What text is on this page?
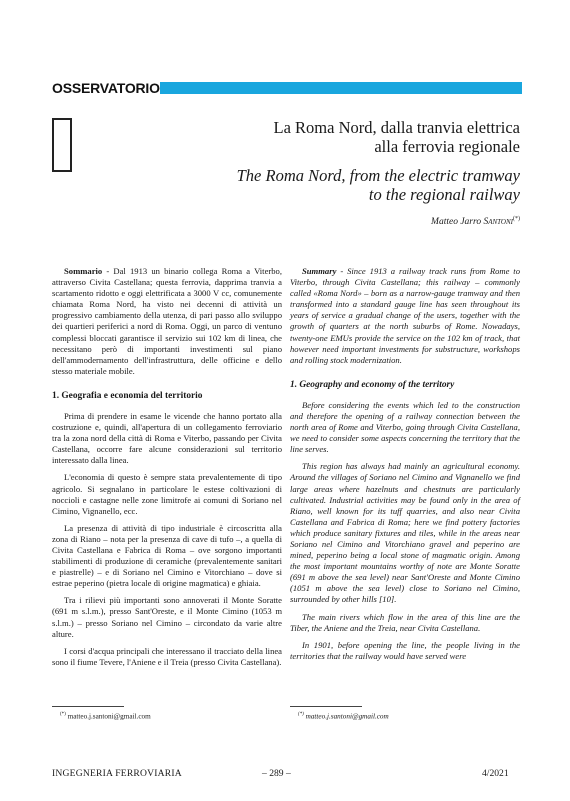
OSSERVATORIO
La Roma Nord, dalla tranvia elettrica
alla ferrovia regionale
The Roma Nord, from the electric tramway
to the regional railway
Matteo Jarro Santoni(*)

Sommario - Dal 1913 un binario collega Roma a Viterbo, attraverso Civita Castellana; questa ferrovia, dapprima tranvia a scartamento ridotto e oggi elettrificata a 3000 V cc, comunemente chiamata Roma Nord, ha visto nei decenni di attività un progressivo cambiamento della utenza, di pari passo allo sviluppo dei quartieri periferici a nord di Roma. Oggi, un parco di ventuno complessi bloccati garantisce il servizio sui 102 km di linea, che necessitano però di importanti investimenti sul piano dell'ammodernamento dell'infrastruttura, delle officine e dello stesso materiale mobile.

1. Geografia e economia del territorio

Prima di prendere in esame le vicende che hanno portato alla costruzione e, quindi, all'apertura di un collegamento ferroviario tra la zona nord della città di Roma e Viterbo, passando per Civita Castellana, occorre fare alcune considerazioni sul territorio interessato dalla linea.

L'economia di questo è sempre stata prevalentemente di tipo agricolo. Si segnalano in particolare le estese coltivazioni di noccioli e castagne nelle zone limitrofe ai comuni di Soriano nel Cimino, Vignanello, ecc.

La presenza di attività di tipo industriale è circoscritta alla zona di Riano – nota per la presenza di cave di tufo –, a quella di Civita Castellana e Fabrica di Roma – ove sorgono importanti stabilimenti di produzione di ceramiche (prevalentemente sanitari e piastrelle) – e di Soriano nel Cimino e Vitorchiano – dove si estrae peperino (pietra locale di origine magmatica) e ghiaia.

Tra i rilievi più importanti sono annoverati il Monte Soratte (691 m s.l.m.), presso Sant'Oreste, e il Monte Cimino (1053 m s.l.m.) – presso Soriano nel Cimino – circondato da varie altre alture.

I corsi d'acqua principali che interessano il tracciato della linea sono il fiume Tevere, l'Aniene e il Treia (presso Civita Castellana).

Summary - Since 1913 a railway track runs from Rome to Viterbo, through Civita Castellana; this railway – commonly called «Roma Nord» – born as a narrow-gauge tramway and then transformed into a standard gauge line has seen throughout its years of service a gradual change of the users, together with the growth of quarters at the north suburbs of Rome. Nowadays, twenty-one EMUs provide the service on the 102 km of track, that however need important investments for substructure, workshops and rolling stock modernization.

1. Geography and economy of the territory

Before considering the events which led to the construction and therefore the opening of a railway connection between the north area of Rome and Viterbo, going through Civita Castellana, we need to consider some aspects concerning the territory that the line serves.

This region has always had mainly an agricultural economy. Around the villages of Soriano nel Cimino and Vignanello we find large areas where hazelnuts and chestnuts are particularly cultivated. Industrial activities may be found only in the area of Riano, well known for its tuff quarries, and also near Civita Castellana and Fabrica di Roma; here we find pottery factories which produce sanitary fixtures and tiles, while in the areas near Soriano nel Cimino and Vitorchiano gravel and peperino are mined, peperino being a local stone of magmatic origin. Among the most important mountains worthy of note are Monte Soratte (691 m above the sea level) near Sant'Oreste and Monte Cimino (1051 m above the sea level) close to Soriano nel Cimino, surrounded by other hills [10].

The main rivers which flow in the area of this line are the Tiber, the Aniene and the Treia, near Civita Castellana.

In 1901, before opening the line, the people living in the territories that the railway would have served were

(*) matteo.j.santoni@gmail.com	(*) matteo.j.santoni@gmail.com
INGEGNERIA FERROVIARIA	– 289 –	4/2021
